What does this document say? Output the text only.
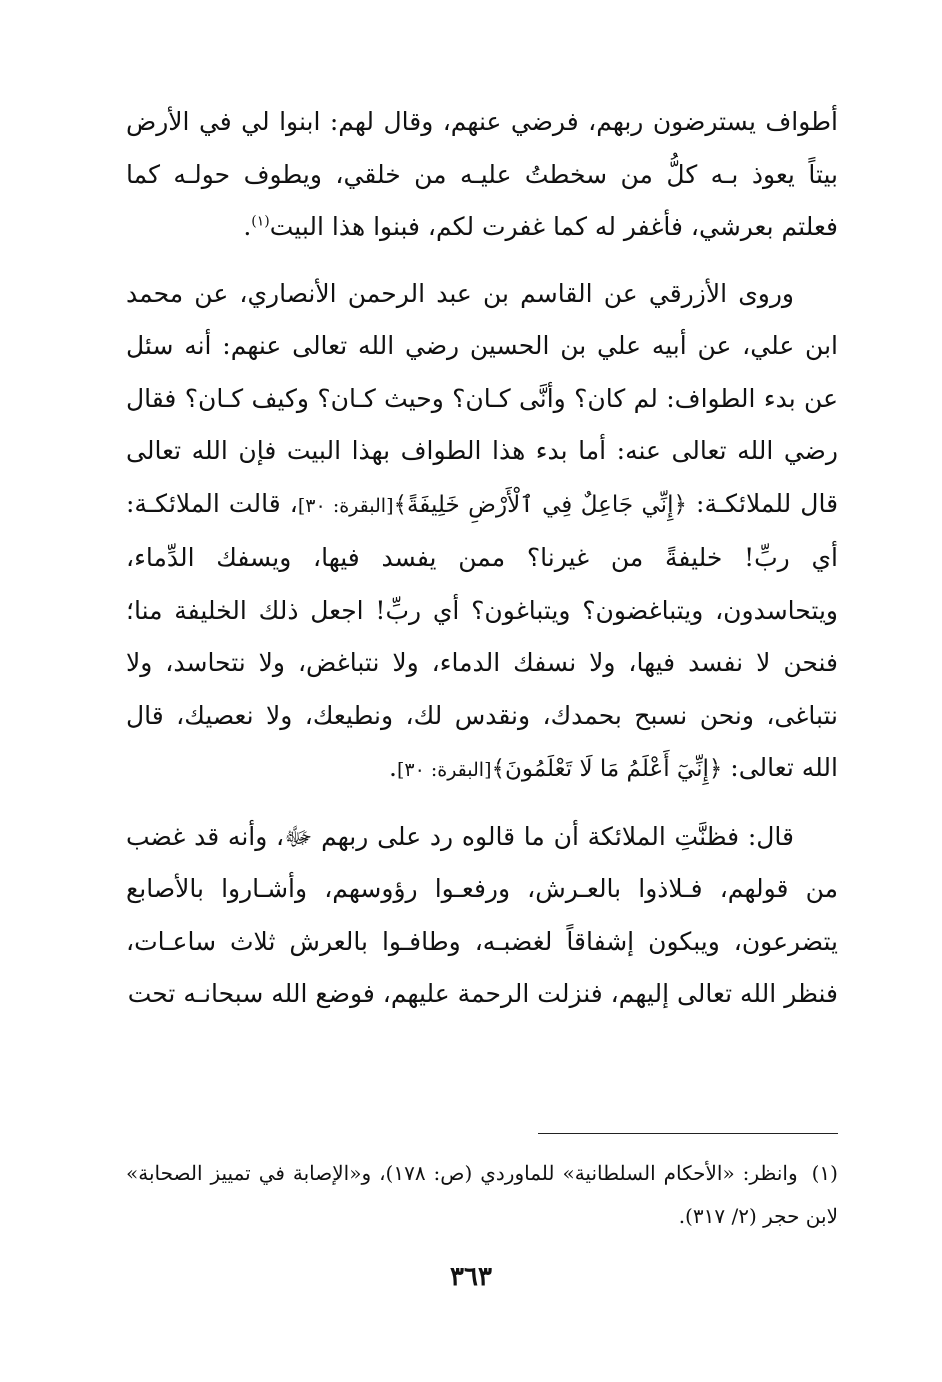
أطواف يسترضون ربهم، فرضي عنهم، وقال لهم: ابنوا لي في الأرض بيتاً يعوذ بـه كلُّ من سخطتُ عليـه من خلقي، ويطوف حولـه كما فعلتم بعرشي، فأغفر له كما غفرت لكم، فبنوا هذا البيت$^{(١)}$.

وروى الأزرقي عن القاسم بن عبد الرحمن الأنصاري، عن محمد ابن علي، عن أبيه علي بن الحسين رضي الله تعالى عنهم: أنه سئل عن بدء الطواف: لم كان؟ وأنَّى كـان؟ وحيث كـان؟ وكيف كـان؟ فقال رضي الله تعالى عنه: أما بدء هذا الطواف بهذا البيت فإن الله تعالى قال للملائكـة: ﴿إِنِّي جَاعِلٌ فِي ٱلْأَرْضِ خَلِيفَةً﴾[البقرة: ٣٠]، قالت الملائكـة: أي ربِّ! خليفةً من غيرنا؟ ممن يفسد فيها، ويسفك الدِّماء، ويتحاسدون، ويتباغضون؟ ويتباغون؟ أي ربِّ! اجعل ذلك الخليفة منا؛ فنحن لا نفسد فيها، ولا نسفك الدماء، ولا نتباغض، ولا نتحاسد، ولا نتباغى، ونحن نسبح بحمدك، ونقدس لك، ونطيعك، ولا نعصيك، قال الله تعالى: ﴿إِنِّيٓ أَعْلَمُ مَا لَا تَعْلَمُونَ﴾[البقرة: ٣٠].

قال: فظنَّتِ الملائكة أن ما قالوه رد على ربهم ﷻ، وأنه قد غضب من قولهم، فـلاذوا بالعـرش، ورفعـوا رؤوسهم، وأشـاروا بالأصابع يتضرعون، ويبكون إشفاقاً لغضبـه، وطافـوا بالعرش ثلاث ساعـات، فنظر الله تعالى إليهم، فنزلت الرحمة عليهم، فوضع الله سبحانـه تحت

(١)وانظر: «الأحكام السلطانية» للماوردي (ص: ١٧٨)، و«الإصابة في تمييز الصحابة» لابن حجر (٢/ ٣١٧).

٣٦٣
